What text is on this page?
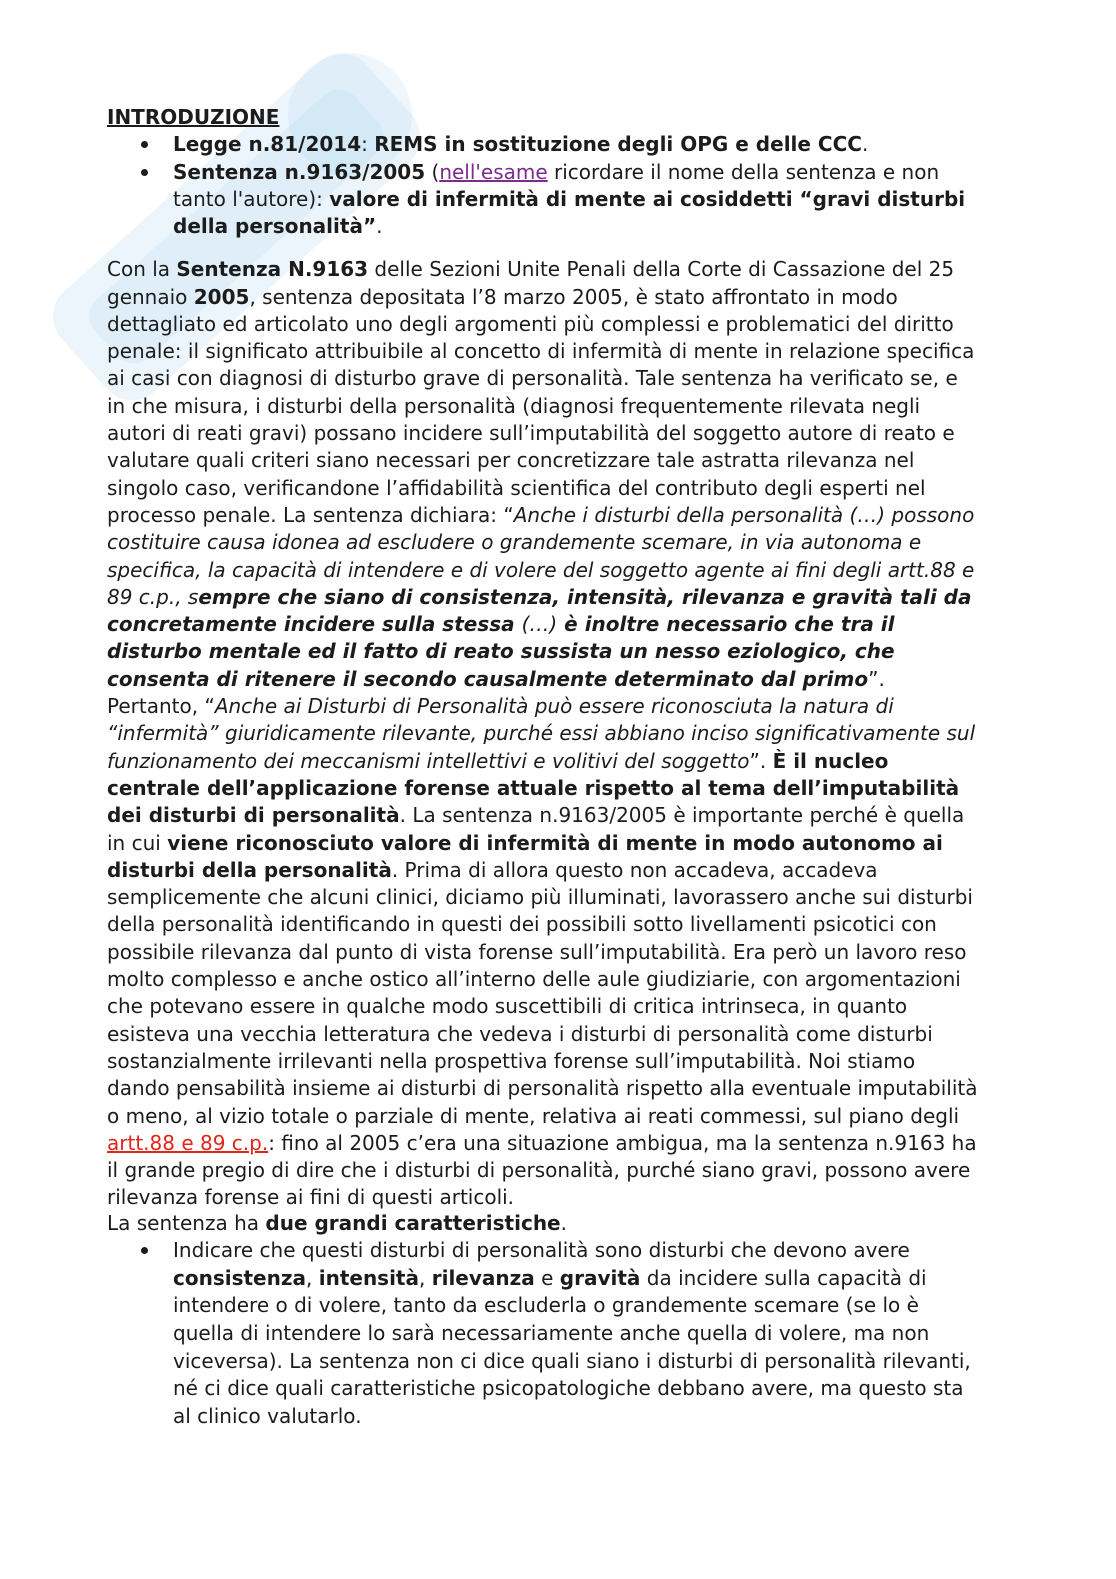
INTRODUZIONE
Legge n.81/2014: REMS in sostituzione degli OPG e delle CCC.
Sentenza n.9163/2005 (nell'esame ricordare il nome della sentenza e non
tanto l'autore): valore di infermità di mente ai cosiddetti “gravi disturbi
della personalità”.
Con la Sentenza N.9163 delle Sezioni Unite Penali della Corte di Cassazione del 25
gennaio 2005, sentenza depositata l’8 marzo 2005, è stato affrontato in modo
dettagliato ed articolato uno degli argomenti più complessi e problematici del diritto
penale: il significato attribuibile al concetto di infermità di mente in relazione specifica
ai casi con diagnosi di disturbo grave di personalità. Tale sentenza ha verificato se, e
in che misura, i disturbi della personalità (diagnosi frequentemente rilevata negli
autori di reati gravi) possano incidere sull’imputabilità del soggetto autore di reato e
valutare quali criteri siano necessari per concretizzare tale astratta rilevanza nel
singolo caso, verificandone l’affidabilità scientifica del contributo degli esperti nel
processo penale. La sentenza dichiara: “Anche i disturbi della personalità (…) possono
costituire causa idonea ad escludere o grandemente scemare, in via autonoma e
specifica, la capacità di intendere e di volere del soggetto agente ai fini degli artt.88 e
89 c.p., sempre che siano di consistenza, intensità, rilevanza e gravità tali da
concretamente incidere sulla stessa (…) è inoltre necessario che tra il
disturbo mentale ed il fatto di reato sussista un nesso eziologico, che
consenta di ritenere il secondo causalmente determinato dal primo”.
Pertanto, “Anche ai Disturbi di Personalità può essere riconosciuta la natura di
“infermità” giuridicamente rilevante, purché essi abbiano inciso significativamente sul
funzionamento dei meccanismi intellettivi e volitivi del soggetto”. È il nucleo
centrale dell’applicazione forense attuale rispetto al tema dell’imputabilità
dei disturbi di personalità. La sentenza n.9163/2005 è importante perché è quella
in cui viene riconosciuto valore di infermità di mente in modo autonomo ai
disturbi della personalità. Prima di allora questo non accadeva, accadeva
semplicemente che alcuni clinici, diciamo più illuminati, lavorassero anche sui disturbi
della personalità identificando in questi dei possibili sotto livellamenti psicotici con
possibile rilevanza dal punto di vista forense sull’imputabilità. Era però un lavoro reso
molto complesso e anche ostico all’interno delle aule giudiziarie, con argomentazioni
che potevano essere in qualche modo suscettibili di critica intrinseca, in quanto
esisteva una vecchia letteratura che vedeva i disturbi di personalità come disturbi
sostanzialmente irrilevanti nella prospettiva forense sull’imputabilità. Noi stiamo
dando pensabilità insieme ai disturbi di personalità rispetto alla eventuale imputabilità
o meno, al vizio totale o parziale di mente, relativa ai reati commessi, sul piano degli
artt.88 e 89 c.p.: fino al 2005 c’era una situazione ambigua, ma la sentenza n.9163 ha
il grande pregio di dire che i disturbi di personalità, purché siano gravi, possono avere
rilevanza forense ai fini di questi articoli.
La sentenza ha due grandi caratteristiche.
Indicare che questi disturbi di personalità sono disturbi che devono avere
consistenza, intensità, rilevanza e gravità da incidere sulla capacità di
intendere o di volere, tanto da escluderla o grandemente scemare (se lo è
quella di intendere lo sarà necessariamente anche quella di volere, ma non
viceversa). La sentenza non ci dice quali siano i disturbi di personalità rilevanti,
né ci dice quali caratteristiche psicopatologiche debbano avere, ma questo sta
al clinico valutarlo.
